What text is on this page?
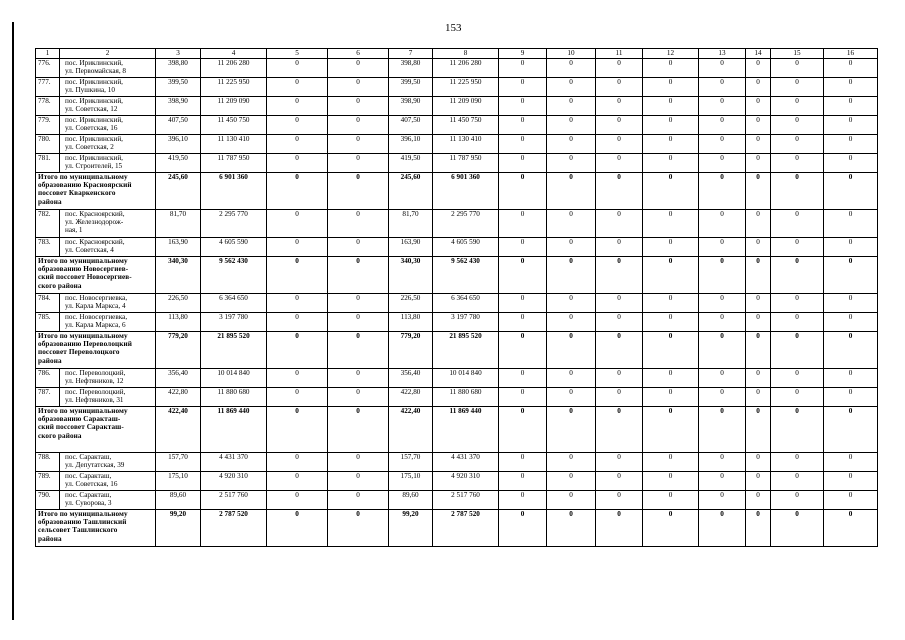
153
1	2	3	4	5	6	7	8	9	10	11	12	13	14	15	16
776.	пос. Ириклинский,
ул. Первомайская, 8	398,80	11 206 280	0	0	398,80	11 206 280	0	0	0	0	0	0	0	0
777.	пос. Ириклинский,
ул. Пушкина, 10	399,50	11 225 950	0	0	399,50	11 225 950	0	0	0	0	0	0	0	0
778.	пос. Ириклинский,
ул. Советская, 12	398,90	11 209 090	0	0	398,90	11 209 090	0	0	0	0	0	0	0	0
779.	пос. Ириклинский,
ул. Советская, 16	407,50	11 450 750	0	0	407,50	11 450 750	0	0	0	0	0	0	0	0
780.	пос. Ириклинский,
ул. Советская, 2	396,10	11 130 410	0	0	396,10	11 130 410	0	0	0	0	0	0	0	0
781.	пос. Ириклинский,
ул. Строителей, 15	419,50	11 787 950	0	0	419,50	11 787 950	0	0	0	0	0	0	0	0
Итого по муниципальному
образованию Красноярский
поссовет Кваркенского
района		245,60	6 901 360	0	0	245,60	6 901 360	0	0	0	0	0	0	0	0
782.	пос. Красноярский,
ул. Железнодорож-
ная, 1	81,70	2 295 770	0	0	81,70	2 295 770	0	0	0	0	0	0	0	0
783.	пос. Красноярский,
ул. Советская, 4	163,90	4 605 590	0	0	163,90	4 605 590	0	0	0	0	0	0	0	0
Итого по муниципальному
образованию Новосергиев-
ский поссовет Новосергиев-
ского района		340,30	9 562 430	0	0	340,30	9 562 430	0	0	0	0	0	0	0	0
784.	пос. Новосергиевка,
ул. Карла Маркса, 4	226,50	6 364 650	0	0	226,50	6 364 650	0	0	0	0	0	0	0	0
785.	пос. Новосергиевка,
ул. Карла Маркса, 6	113,80	3 197 780	0	0	113,80	3 197 780	0	0	0	0	0	0	0	0
Итого по муниципальному
образованию Переволоцкий
поссовет Переволоцкого
района		779,20	21 895 520	0	0	779,20	21 895 520	0	0	0	0	0	0	0	0
786.	пос. Переволоцкий,
ул. Нефтяников, 12	356,40	10 014 840	0	0	356,40	10 014 840	0	0	0	0	0	0	0	0
787.	пос. Переволоцкий,
ул. Нефтяников, 31	422,80	11 880 680	0	0	422,80	11 880 680	0	0	0	0	0	0	0	0
Итого по муниципальному
образованию Саракташ-
ский поссовет Саракташ-
ского района		422,40	11 869 440	0	0	422,40	11 869 440	0	0	0	0	0	0	0	0
788.	пос. Саракташ,
ул. Депутатская, 39	157,70	4 431 370	0	0	157,70	4 431 370	0	0	0	0	0	0	0	0
789.	пос. Саракташ,
ул. Советская, 16	175,10	4 920 310	0	0	175,10	4 920 310	0	0	0	0	0	0	0	0
790.	пос. Саракташ,
ул. Суворова, 3	89,60	2 517 760	0	0	89,60	2 517 760	0	0	0	0	0	0	0	0
Итого по муниципальному
образованию Ташлинский
сельсовет Ташлинского
района		99,20	2 787 520	0	0	99,20	2 787 520	0	0	0	0	0	0	0	0
